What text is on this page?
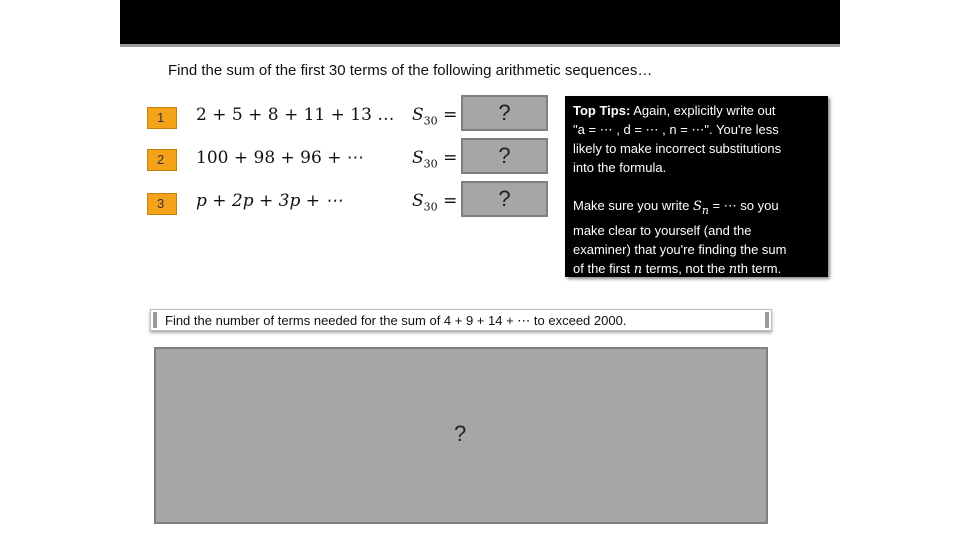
Find the sum of the first 30 terms of the following arithmetic sequences…
1	2 + 5 + 8 + 11 + 13 … $S_{30}$ =	?
2	100 + 98 + 96 + ⋯	$S_{30}$ =	?
3	p + 2p + 3p + ⋯	$S_{30}$ =	?

Top Tips: Again, explicitly write out

"a = ⋯ , d = ⋯ , n = ⋯". You're less

likely to make incorrect substitutions

into the formula.

Make sure you write $S_n$ = ⋯ so you

make clear to yourself (and the

examiner) that you're finding the sum

of the first n terms, not the nth term.

Find the number of terms needed for the sum of 4 + 9 + 14 + ⋯ to exceed 2000.
?
